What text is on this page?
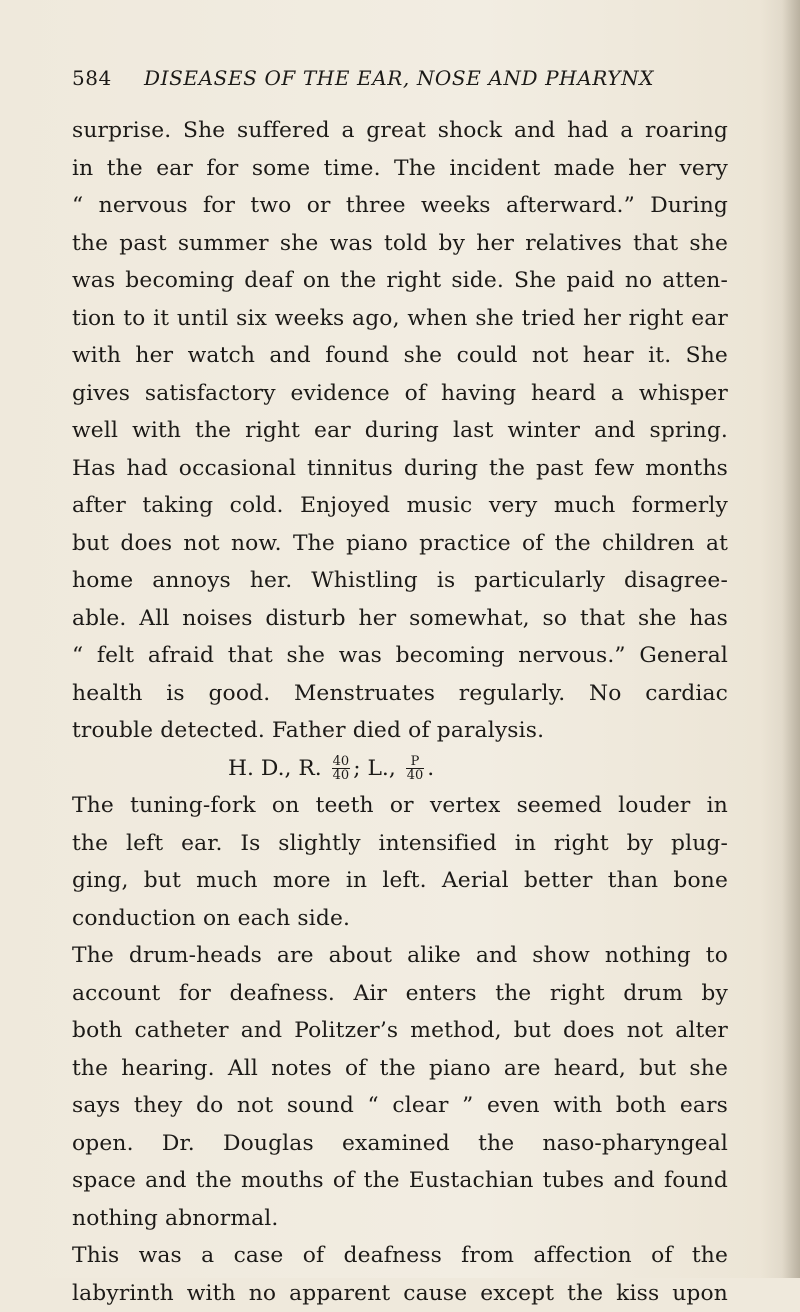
584 DISEASES OF THE EAR, NOSE AND PHARYNX
surprise. She suffered a great shock and had a roaring
in the ear for some time. The incident made her very
“ nervous for two or three weeks afterward.” During
the past summer she was told by her relatives that she
was becoming deaf on the right side. She paid no atten-
tion to it until six weeks ago, when she tried her right ear
with her watch and found she could not hear it. She
gives satisfactory evidence of having heard a whisper
well with the right ear during last winter and spring.
Has had occasional tinnitus during the past few months
after taking cold. Enjoyed music very much formerly
but does not now. The piano practice of the children at
home annoys her. Whistling is particularly disagree-
able. All noises disturb her somewhat, so that she has
“ felt afraid that she was becoming nervous.” General
health is good. Menstruates regularly. No cardiac
trouble detected. Father died of paralysis.
H. D., R. $\frac{40}{40}$ ; L., $\frac{P}{40}$ .
The tuning-fork on teeth or vertex seemed louder in
the left ear. Is slightly intensified in right by plug-
ging, but much more in left. Aerial better than bone
conduction on each side.
The drum-heads are about alike and show nothing to
account for deafness. Air enters the right drum by
both catheter and Politzer’s method, but does not alter
the hearing. All notes of the piano are heard, but she
says they do not sound “ clear ” even with both ears
open. Dr. Douglas examined the naso-pharyngeal
space and the mouths of the Eustachian tubes and found
nothing abnormal.
This was a case of deafness from affection of the
labyrinth with no apparent cause except the kiss upon
